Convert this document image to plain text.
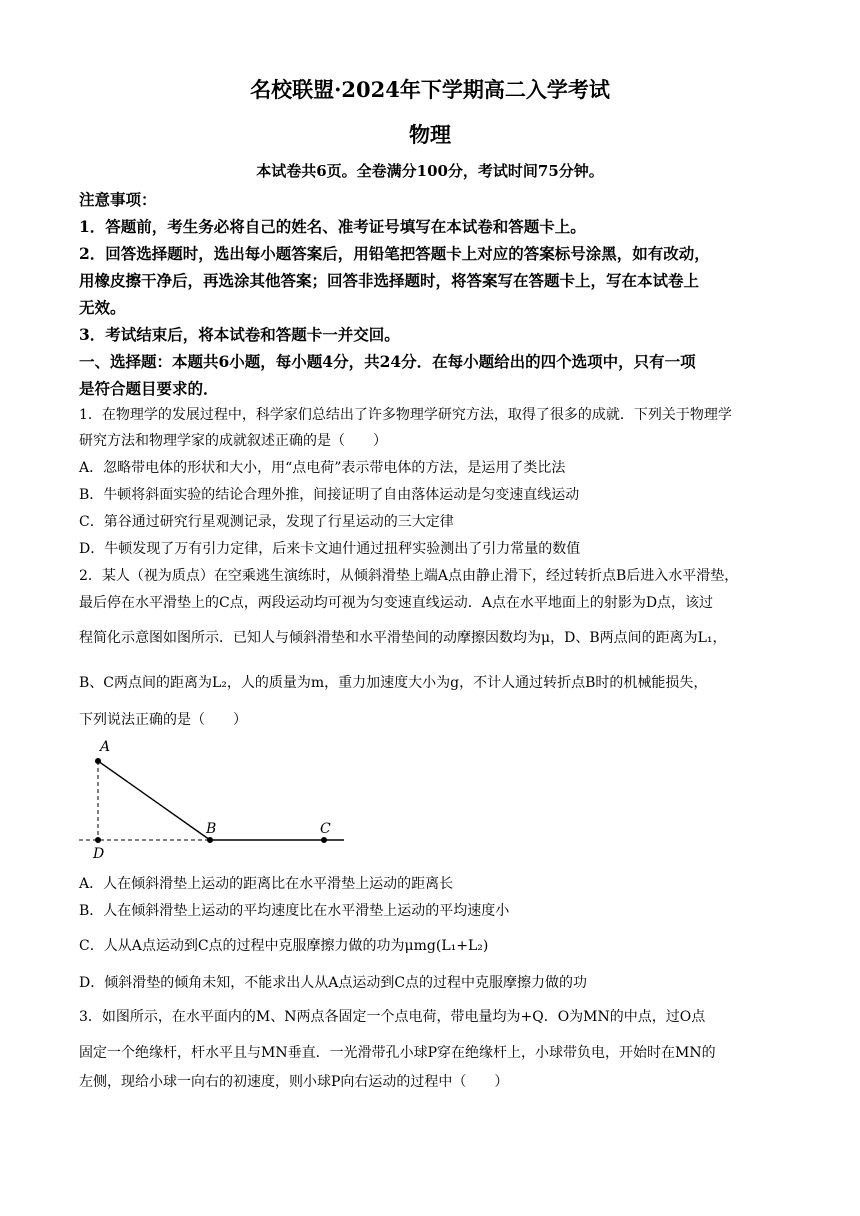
名校联盟·2024年下学期高二入学考试
物理
本试卷共6页。全卷满分100分，考试时间75分钟。
注意事项：
1．答题前，考生务必将自己的姓名、准考证号填写在本试卷和答题卡上。
2．回答选择题时，选出每小题答案后，用铅笔把答题卡上对应的答案标号涂黑，如有改动，
用橡皮擦干净后，再选涂其他答案；回答非选择题时，将答案写在答题卡上，写在本试卷上
无效。
3．考试结束后，将本试卷和答题卡一并交回。
一、选择题：本题共6小题，每小题4分，共24分．在每小题给出的四个选项中，只有一项
是符合题目要求的．
1．在物理学的发展过程中，科学家们总结出了许多物理学研究方法，取得了很多的成就．下列关于物理学
研究方法和物理学家的成就叙述正确的是（　　）
A．忽略带电体的形状和大小，用“点电荷”表示带电体的方法，是运用了类比法
B．牛顿将斜面实验的结论合理外推，间接证明了自由落体运动是匀变速直线运动
C．第谷通过研究行星观测记录，发现了行星运动的三大定律
D．牛顿发现了万有引力定律，后来卡文迪什通过扭秤实验测出了引力常量的数值
2．某人（视为质点）在空乘逃生演练时，从倾斜滑垫上端A点由静止滑下，经过转折点B后进入水平滑垫，
最后停在水平滑垫上的C点，两段运动均可视为匀变速直线运动．A点在水平地面上的射影为D点，该过
程简化示意图如图所示．已知人与倾斜滑垫和水平滑垫间的动摩擦因数均为μ，D、B两点间的距离为L₁，
B、C两点间的距离为L₂，人的质量为m，重力加速度大小为g，不计人通过转折点B时的机械能损失，
下列说法正确的是（　　）
A
B	C
D
A．人在倾斜滑垫上运动的距离比在水平滑垫上运动的距离长
B．人在倾斜滑垫上运动的平均速度比在水平滑垫上运动的平均速度小
C．人从A点运动到C点的过程中克服摩擦力做的功为μmg(L₁+L₂)
D．倾斜滑垫的倾角未知，不能求出人从A点运动到C点的过程中克服摩擦力做的功
3．如图所示，在水平面内的M、N两点各固定一个点电荷，带电量均为+Q．O为MN的中点，过O点
固定一个绝缘杆，杆水平且与MN垂直．一光滑带孔小球P穿在绝缘杆上，小球带负电，开始时在MN的
左侧，现给小球一向右的初速度，则小球P向右运动的过程中（　　）
